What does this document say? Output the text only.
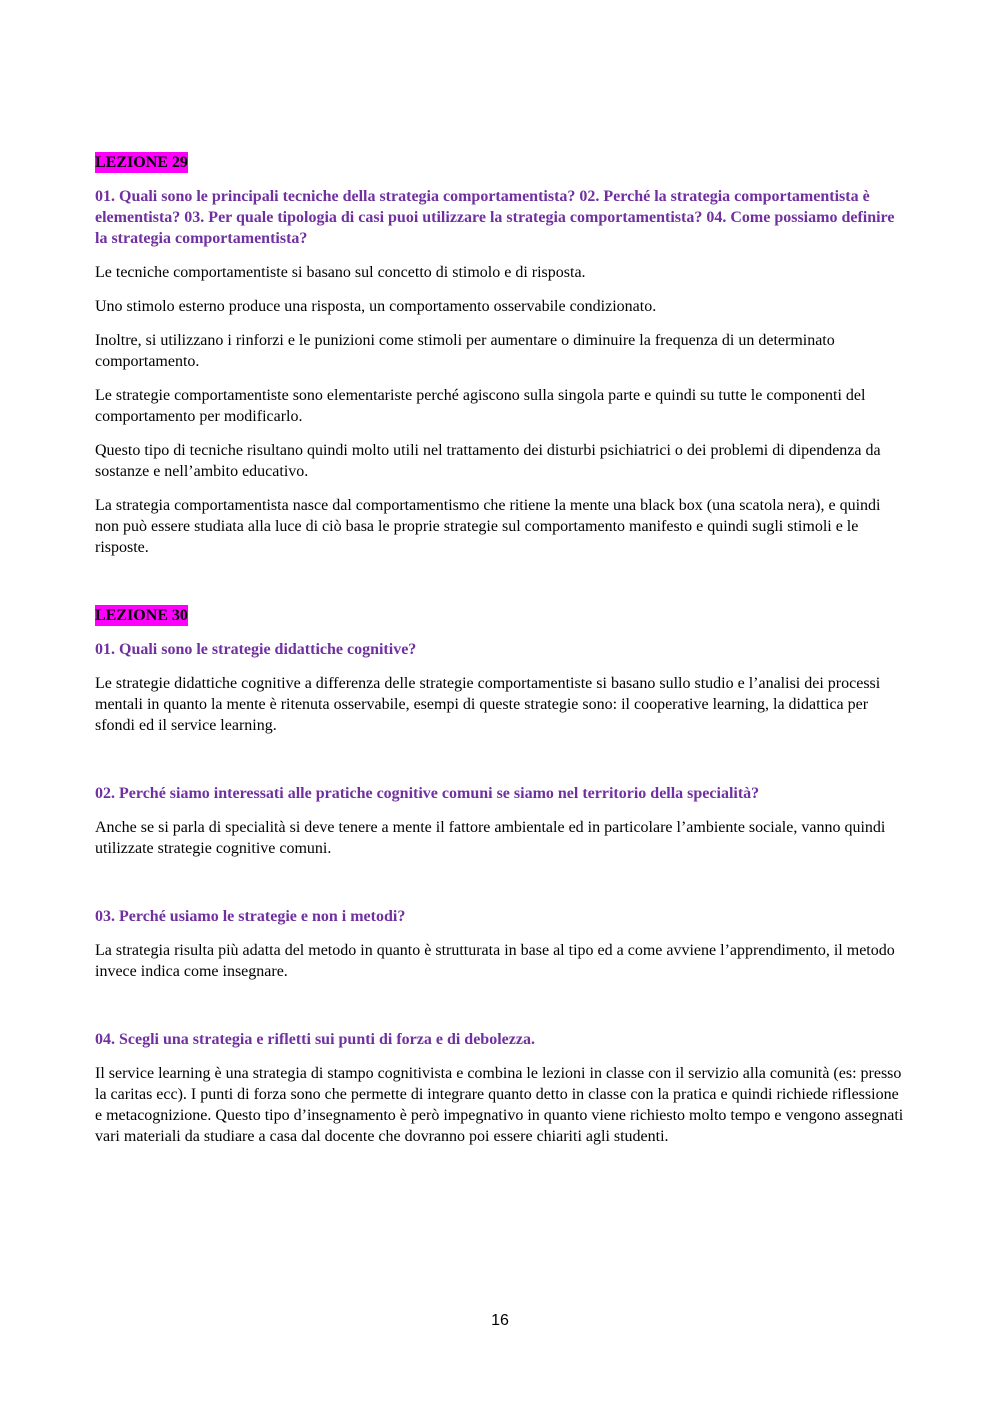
LEZIONE 29

01. Quali sono le principali tecniche della strategia comportamentista? 02. Perché la strategia comportamentista è elementista? 03. Per quale tipologia di casi puoi utilizzare la strategia comportamentista? 04. Come possiamo definire la strategia comportamentista?

Le tecniche comportamentiste si basano sul concetto di stimolo e di risposta.

Uno stimolo esterno produce una risposta, un comportamento osservabile condizionato.

Inoltre, si utilizzano i rinforzi e le punizioni come stimoli per aumentare o diminuire la frequenza di un determinato comportamento.

Le strategie comportamentiste sono elementariste perché agiscono sulla singola parte e quindi su tutte le componenti del comportamento per modificarlo.

Questo tipo di tecniche risultano quindi molto utili nel trattamento dei disturbi psichiatrici o dei problemi di dipendenza da sostanze e nell’ambito educativo.

La strategia comportamentista nasce dal comportamentismo che ritiene la mente una black box (una scatola nera), e quindi non può essere studiata alla luce di ciò basa le proprie strategie sul comportamento manifesto e quindi sugli stimoli e le risposte.

LEZIONE 30

01. Quali sono le strategie didattiche cognitive?

Le strategie didattiche cognitive a differenza delle strategie comportamentiste si basano sullo studio e l’analisi dei processi mentali in quanto la mente è ritenuta osservabile, esempi di queste strategie sono: il cooperative learning, la didattica per sfondi ed il service learning.

02. Perché siamo interessati alle pratiche cognitive comuni se siamo nel territorio della specialità?

Anche se si parla di specialità si deve tenere a mente il fattore ambientale ed in particolare l’ambiente sociale, vanno quindi utilizzate strategie cognitive comuni.

03. Perché usiamo le strategie e non i metodi?

La strategia risulta più adatta del metodo in quanto è strutturata in base al tipo ed a come avviene l’apprendimento, il metodo invece indica come insegnare.

04. Scegli una strategia e rifletti sui punti di forza e di debolezza.

Il service learning è una strategia di stampo cognitivista e combina le lezioni in classe con il servizio alla comunità (es: presso la caritas ecc). I punti di forza sono che permette di integrare quanto detto in classe con la pratica e quindi richiede riflessione e metacognizione. Questo tipo d’insegnamento è però impegnativo in quanto viene richiesto molto tempo e vengono assegnati vari materiali da studiare a casa dal docente che dovranno poi essere chiariti agli studenti.

16
